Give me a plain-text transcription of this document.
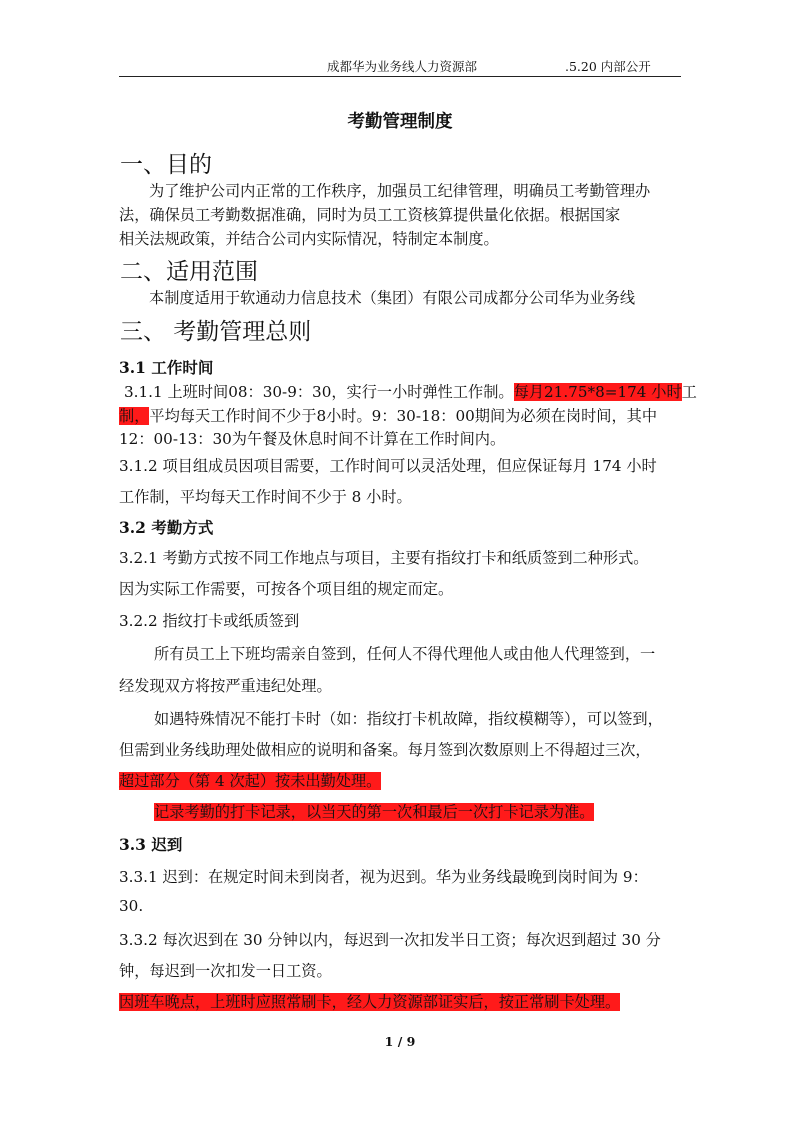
成都华为业务线人力资源部	.5.20 内部公开
考勤管理制度
一、目的
为了维护公司内正常的工作秩序，加强员工纪律管理，明确员工考勤管理办
法，确保员工考勤数据准确，同时为员工工资核算提供量化依据。根据国家
相关法规政策，并结合公司内实际情况，特制定本制度。
二、适用范围
本制度适用于软通动力信息技术（集团）有限公司成都分公司华为业务线
三、 考勤管理总则
3.1 工作时间
3.1.1 上班时间08：30-9：30，实行一小时弹性工作制。每月21.75*8=174 小时工
制，平均每天工作时间不少于8小时。9：30-18：00期间为必须在岗时间，其中
12：00-13：30为午餐及休息时间不计算在工作时间内。
3.1.2 项目组成员因项目需要，工作时间可以灵活处理，但应保证每月 174 小时
工作制，平均每天工作时间不少于 8 小时。
3.2 考勤方式
3.2.1 考勤方式按不同工作地点与项目，主要有指纹打卡和纸质签到二种形式。
因为实际工作需要，可按各个项目组的规定而定。
3.2.2 指纹打卡或纸质签到
所有员工上下班均需亲自签到，任何人不得代理他人或由他人代理签到，一
经发现双方将按严重违纪处理。
如遇特殊情况不能打卡时（如：指纹打卡机故障，指纹模糊等），可以签到，
但需到业务线助理处做相应的说明和备案。每月签到次数原则上不得超过三次，
超过部分（第 4 次起）按未出勤处理。
记录考勤的打卡记录，以当天的第一次和最后一次打卡记录为准。
3.3 迟到
3.3.1 迟到：在规定时间未到岗者，视为迟到。华为业务线最晚到岗时间为 9：
30.
3.3.2 每次迟到在 30 分钟以内，每迟到一次扣发半日工资；每次迟到超过 30 分
钟，每迟到一次扣发一日工资。
因班车晚点，上班时应照常刷卡，经人力资源部证实后，按正常刷卡处理。
1 / 9
